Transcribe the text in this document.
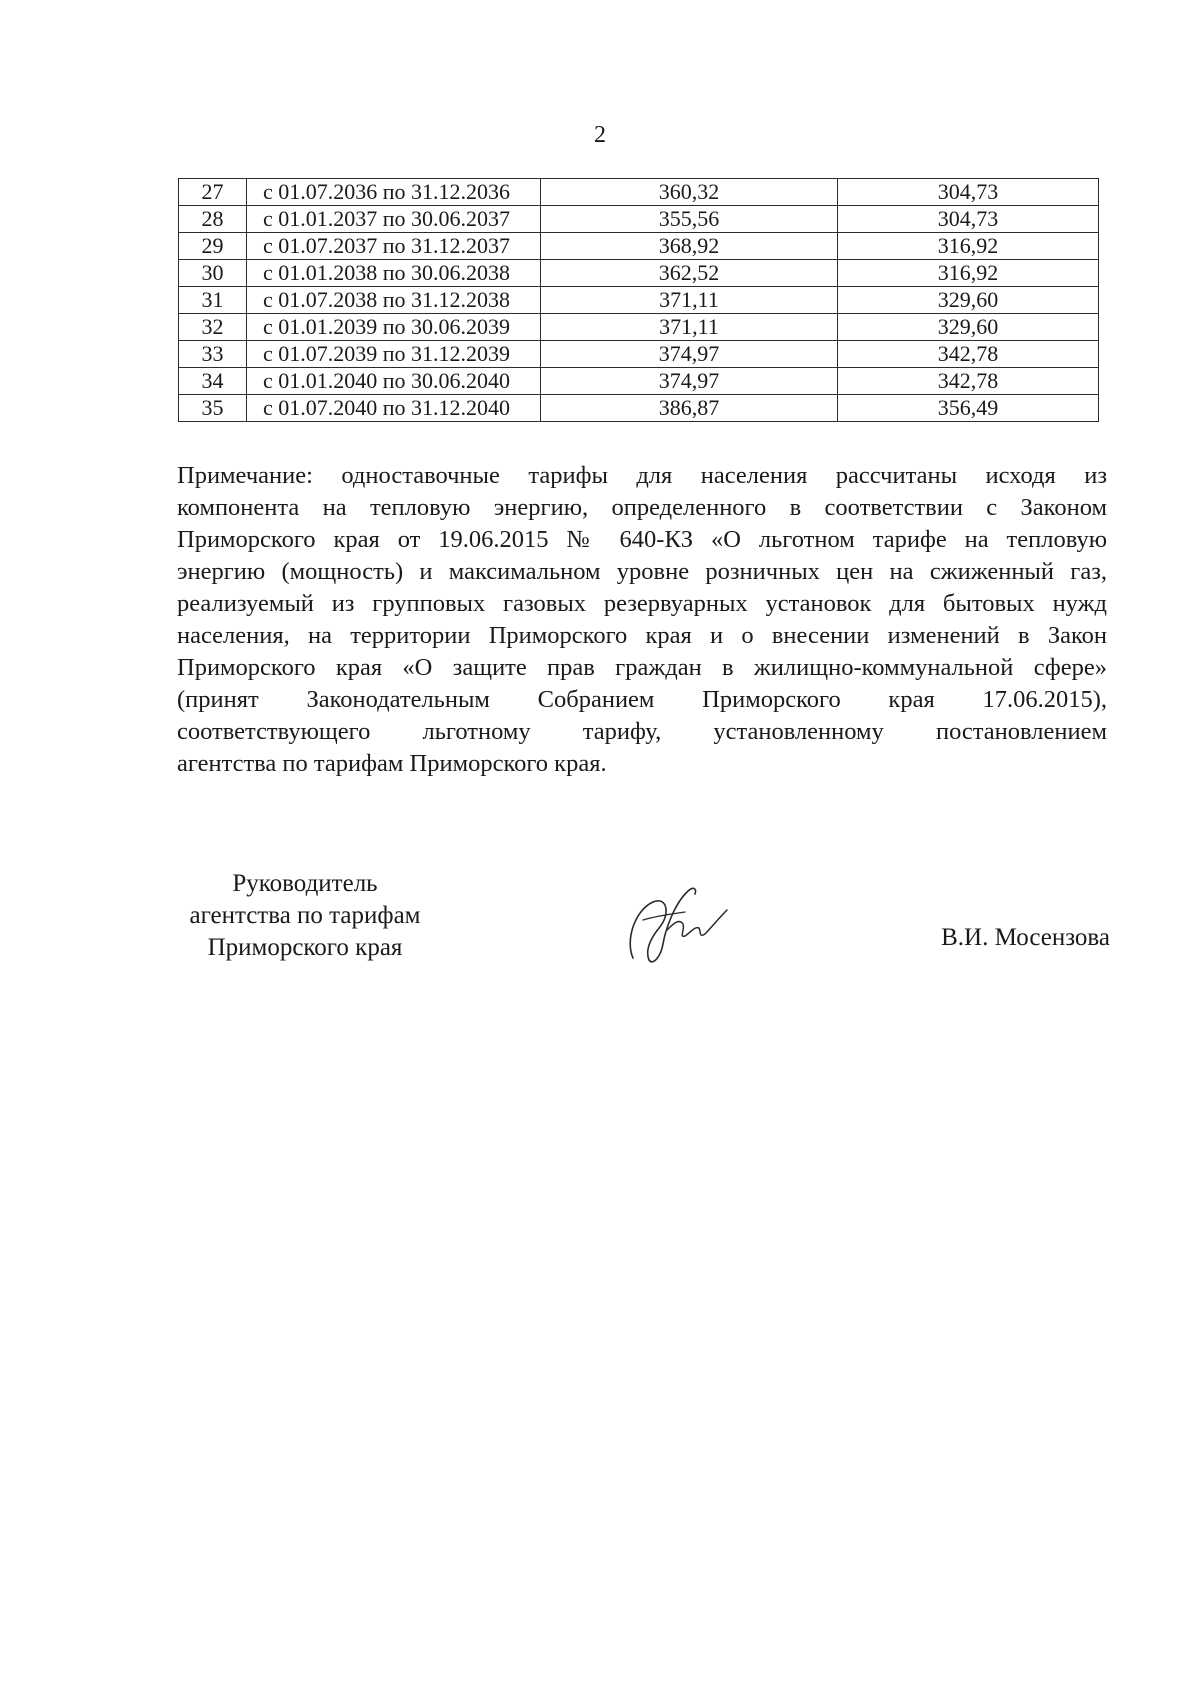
2
27	с 01.07.2036 по 31.12.2036	360,32	304,73
28	с 01.01.2037 по 30.06.2037	355,56	304,73
29	с 01.07.2037 по 31.12.2037	368,92	316,92
30	с 01.01.2038 по 30.06.2038	362,52	316,92
31	с 01.07.2038 по 31.12.2038	371,11	329,60
32	с 01.01.2039 по 30.06.2039	371,11	329,60
33	с 01.07.2039 по 31.12.2039	374,97	342,78
34	с 01.01.2040 по 30.06.2040	374,97	342,78
35	с 01.07.2040 по 31.12.2040	386,87	356,49
Примечание: одноставочные тарифы для населения рассчитаны исходя из
компонента на тепловую энергию, определенного в соответствии с Законом
Приморского края от 19.06.2015 № 640-КЗ «О льготном тарифе на тепловую
энергию (мощность) и максимальном уровне розничных цен на сжиженный газ,
реализуемый из групповых газовых резервуарных установок для бытовых нужд
населения, на территории Приморского края и о внесении изменений в Закон
Приморского края «О защите прав граждан в жилищно-коммунальной сфере»
(принят Законодательным Собранием Приморского края 17.06.2015),
соответствующего льготному тарифу, установленному постановлением
агентства по тарифам Приморского края.
Руководитель
агентства по тарифам
Приморского края	В.И. Мосензова
